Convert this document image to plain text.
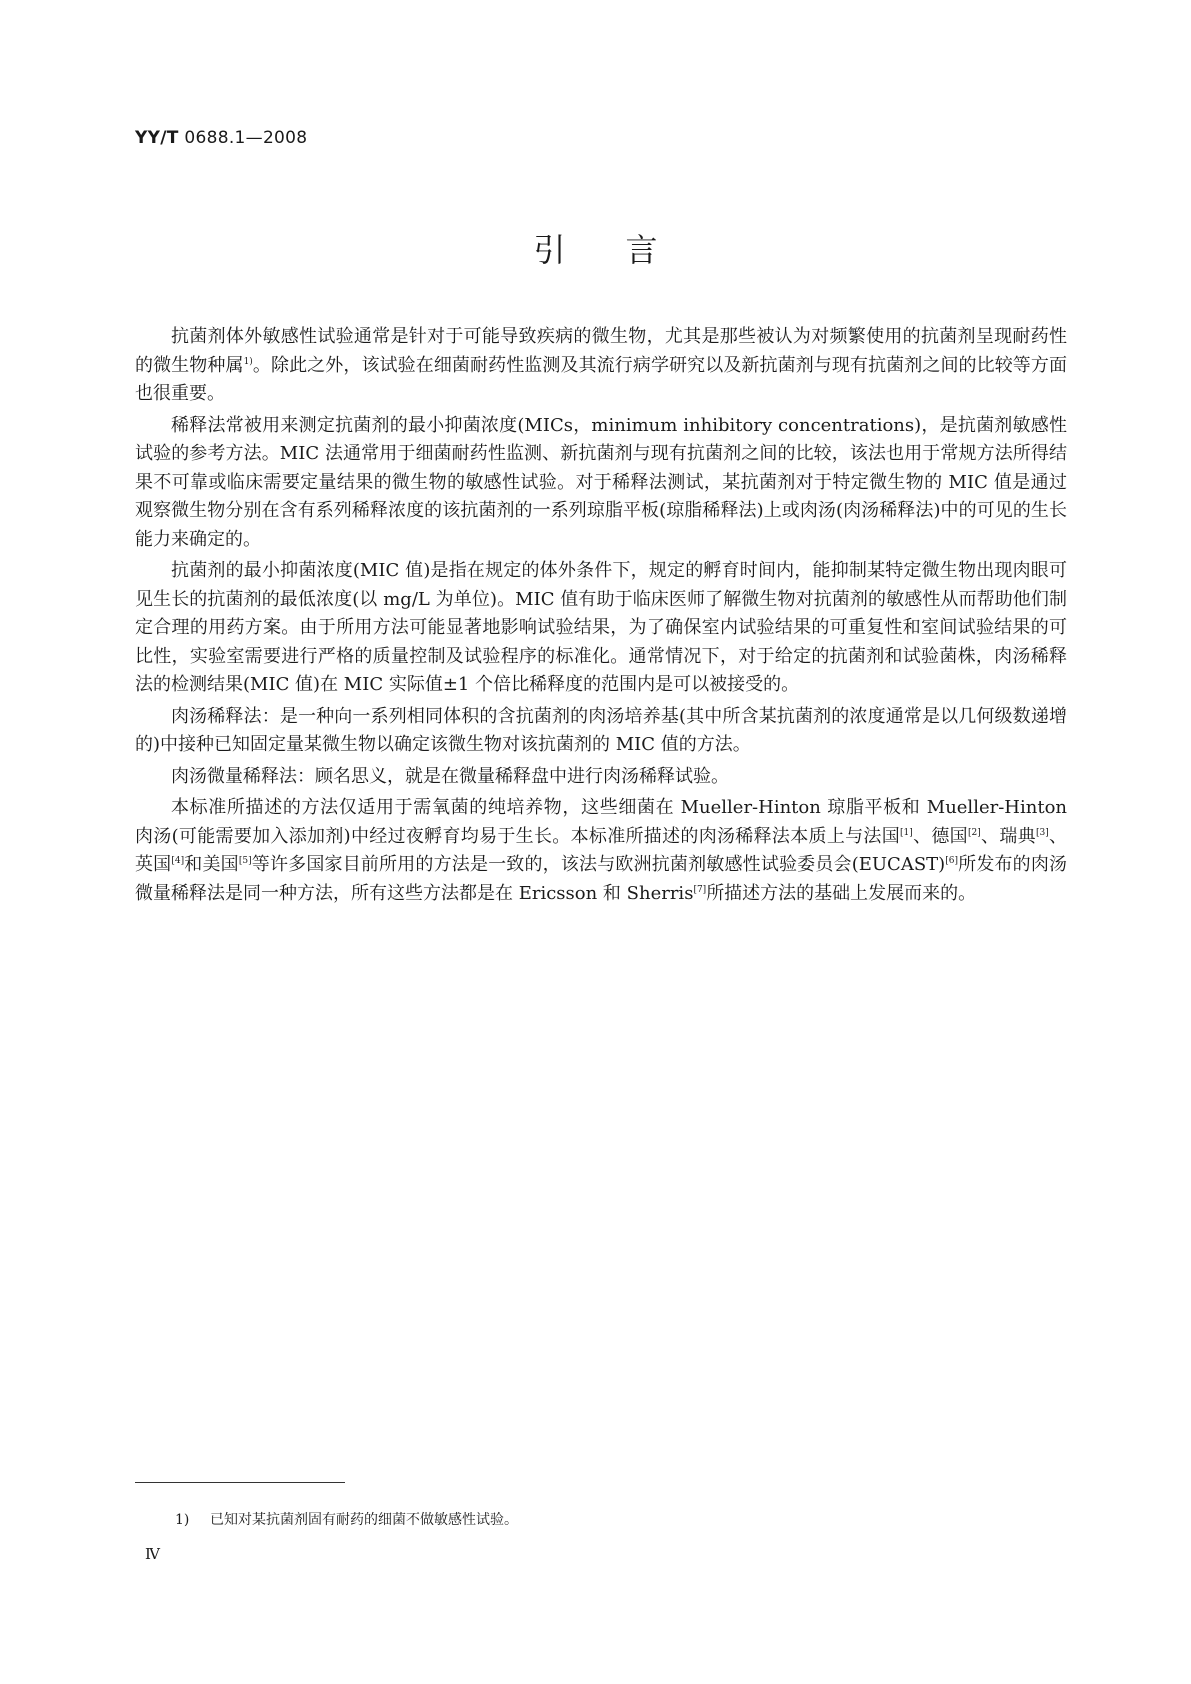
YY/T 0688.1—2008
引言

抗菌剂体外敏感性试验通常是针对于可能导致疾病的微生物，尤其是那些被认为对频繁使用的抗菌剂呈现耐药性的微生物种属$^{1)}$。除此之外，该试验在细菌耐药性监测及其流行病学研究以及新抗菌剂与现有抗菌剂之间的比较等方面也很重要。

稀释法常被用来测定抗菌剂的最小抑菌浓度(MICs，minimum inhibitory concentrations)，是抗菌剂敏感性试验的参考方法。MIC 法通常用于细菌耐药性监测、新抗菌剂与现有抗菌剂之间的比较，该法也用于常规方法所得结果不可靠或临床需要定量结果的微生物的敏感性试验。对于稀释法测试，某抗菌剂对于特定微生物的 MIC 值是通过观察微生物分别在含有系列稀释浓度的该抗菌剂的一系列琼脂平板(琼脂稀释法)上或肉汤(肉汤稀释法)中的可见的生长能力来确定的。

抗菌剂的最小抑菌浓度(MIC 值)是指在规定的体外条件下，规定的孵育时间内，能抑制某特定微生物出现肉眼可见生长的抗菌剂的最低浓度(以 mg/L 为单位)。MIC 值有助于临床医师了解微生物对抗菌剂的敏感性从而帮助他们制定合理的用药方案。由于所用方法可能显著地影响试验结果，为了确保室内试验结果的可重复性和室间试验结果的可比性，实验室需要进行严格的质量控制及试验程序的标准化。通常情况下，对于给定的抗菌剂和试验菌株，肉汤稀释法的检测结果(MIC 值)在 MIC 实际值±1 个倍比稀释度的范围内是可以被接受的。

肉汤稀释法：是一种向一系列相同体积的含抗菌剂的肉汤培养基(其中所含某抗菌剂的浓度通常是以几何级数递增的)中接种已知固定量某微生物以确定该微生物对该抗菌剂的 MIC 值的方法。

肉汤微量稀释法：顾名思义，就是在微量稀释盘中进行肉汤稀释试验。

本标准所描述的方法仅适用于需氧菌的纯培养物，这些细菌在 Mueller-Hinton 琼脂平板和 Mueller-Hinton 肉汤(可能需要加入添加剂)中经过夜孵育均易于生长。本标准所描述的肉汤稀释法本质上与法国[1]、德国[2]、瑞典[3]、英国[4]和美国[5]等许多国家目前所用的方法是一致的，该法与欧洲抗菌剂敏感性试验委员会(EUCAST)[6]所发布的肉汤微量稀释法是同一种方法，所有这些方法都是在 Ericsson 和 Sherris[7]所描述方法的基础上发展而来的。

1) 已知对某抗菌剂固有耐药的细菌不做敏感性试验。
Ⅳ
